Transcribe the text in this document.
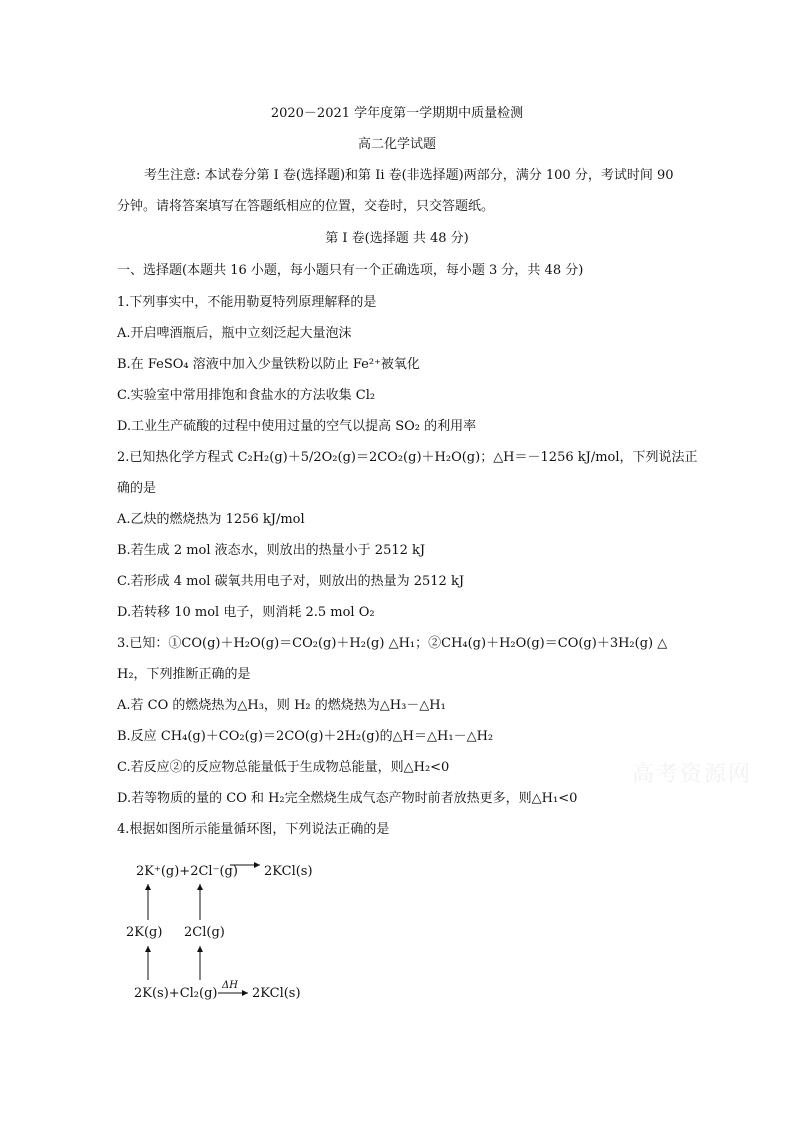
2020－2021 学年度第一学期期中质量检测
高二化学试题
考生注意: 本试卷分第 I 卷(选择题)和第 Ii 卷(非选择题)两部分，满分 100 分，考试时间 90
分钟。请将答案填写在答题纸相应的位置，交卷时，只交答题纸。
第 I 卷(选择题 共 48 分)
一、选择题(本题共 16 小题，每小题只有一个正确选项，每小题 3 分，共 48 分)
1.下列事实中，不能用勒夏特列原理解释的是
A.开启啤酒瓶后，瓶中立刻泛起大量泡沫
B.在 FeSO₄ 溶液中加入少量铁粉以防止 Fe²⁺被氧化
C.实验室中常用排饱和食盐水的方法收集 Cl₂
D.工业生产硫酸的过程中使用过量的空气以提高 SO₂ 的利用率
2.已知热化学方程式 C₂H₂(g)＋5/2O₂(g)＝2CO₂(g)＋H₂O(g)；△H＝－1256 kJ/mol，下列说法正
确的是
A.乙炔的燃烧热为 1256 kJ/mol
B.若生成 2 mol 液态水，则放出的热量小于 2512 kJ
C.若形成 4 mol 碳氧共用电子对，则放出的热量为 2512 kJ
D.若转移 10 mol 电子，则消耗 2.5 mol O₂
3.已知：①CO(g)＋H₂O(g)＝CO₂(g)＋H₂(g) △H₁；②CH₄(g)＋H₂O(g)＝CO(g)＋3H₂(g) △
H₂，下列推断正确的是
A.若 CO 的燃烧热为△H₃，则 H₂ 的燃烧热为△H₃－△H₁
B.反应 CH₄(g)＋CO₂(g)＝2CO(g)＋2H₂(g)的△H＝△H₁－△H₂
C.若反应②的反应物总能量低于生成物总能量，则△H₂<0
D.若等物质的量的 CO 和 H₂完全燃烧生成气态产物时前者放热更多，则△H₁<0
4.根据如图所示能量循环图，下列说法正确的是
高考资源网
2K⁺(g)+2Cl⁻(g) 2KCl(s)
2K(g) 2Cl(g)
2K(s)+Cl₂(g)
ΔH
2KCl(s)
